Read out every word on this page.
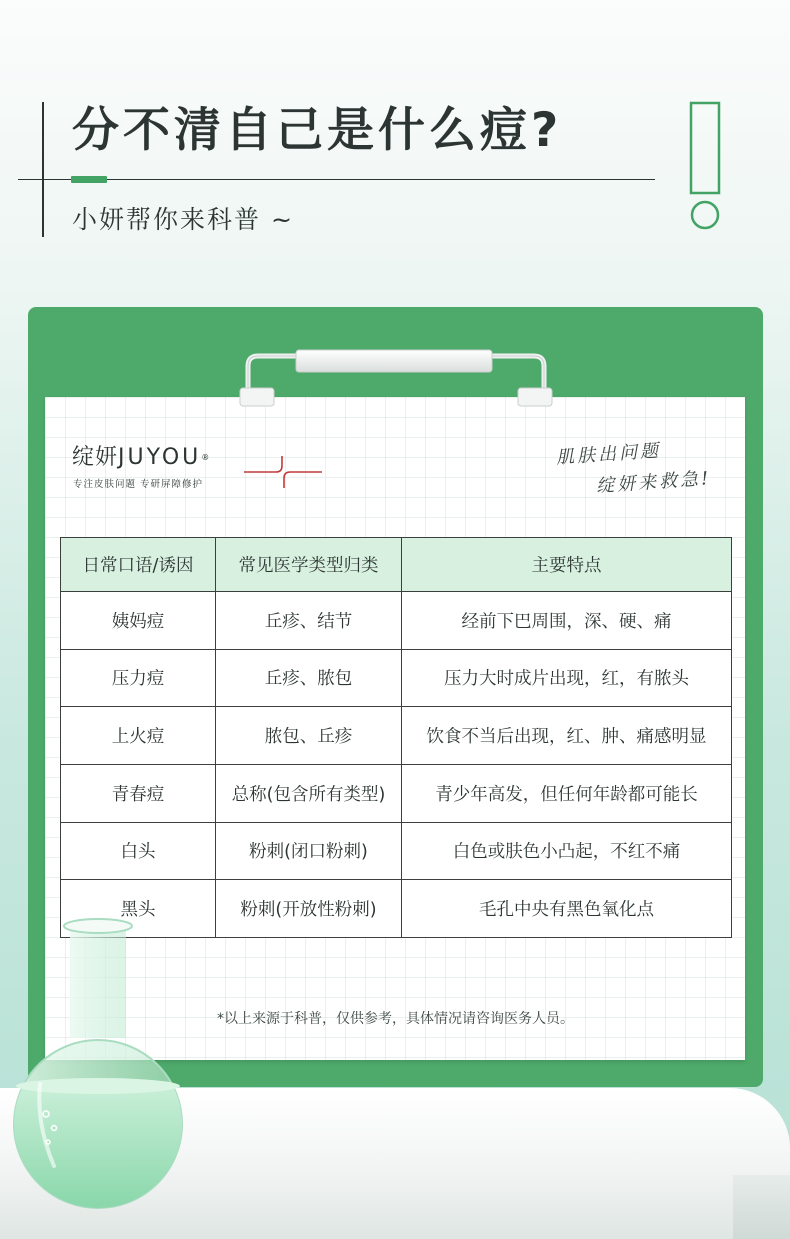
分不清自己是什么痘?

小妍帮你来科普 ~

绽妍JUYOU®

专注皮肤问题 专研屏障修护

肌肤出问题

绽妍来救急!

日常口语/诱因	常见医学类型归类	主要特点
姨妈痘	丘疹、结节	经前下巴周围，深、硬、痛
压力痘	丘疹、脓包	压力大时成片出现，红，有脓头
上火痘	脓包、丘疹	饮食不当后出现，红、肿、痛感明显
青春痘	总称(包含所有类型)	青少年高发，但任何年龄都可能长
白头	粉刺(闭口粉刺)	白色或肤色小凸起，不红不痛
黑头	粉刺(开放性粉刺)	毛孔中央有黑色氧化点

*以上来源于科普，仅供参考，具体情况请咨询医务人员。
